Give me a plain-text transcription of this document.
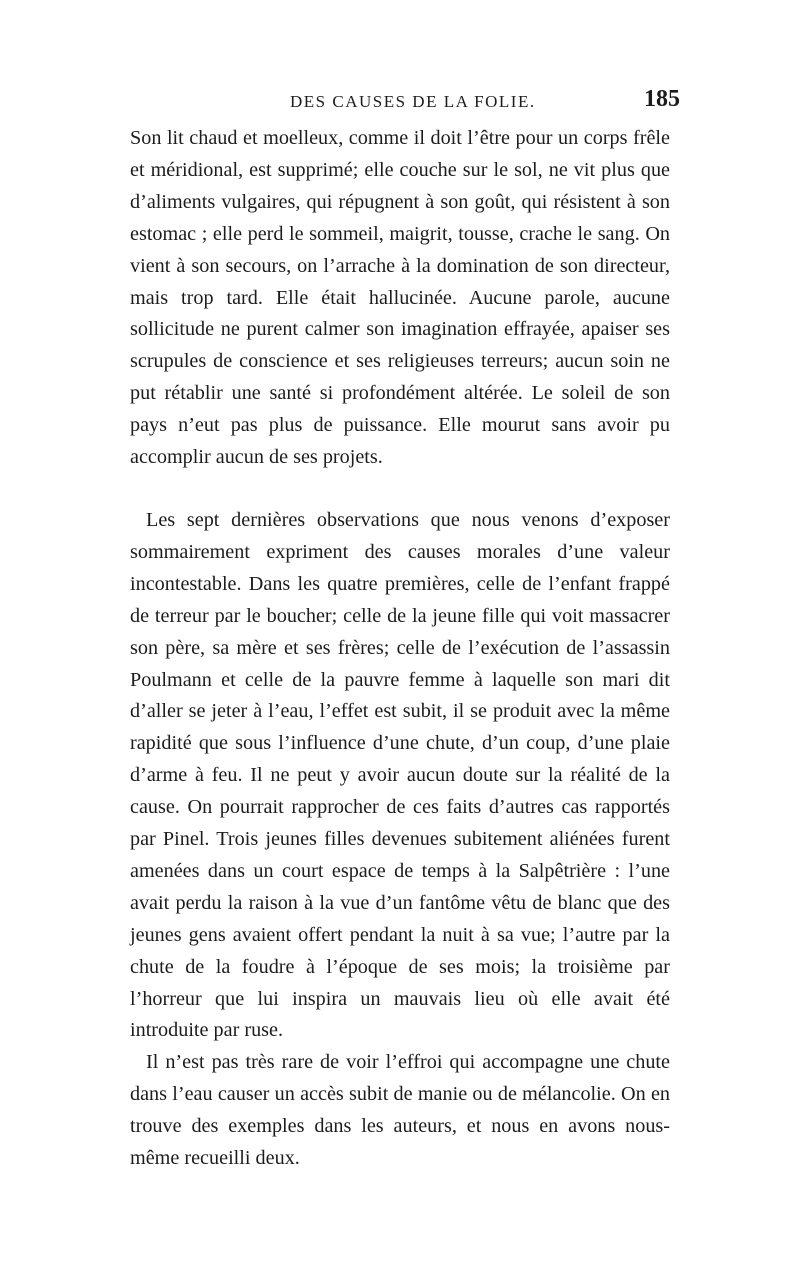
DES CAUSES DE LA FOLIE.	185

Son lit chaud et moelleux, comme il doit l’être pour un corps frêle et méridional, est supprimé; elle couche sur le sol, ne vit plus que d’aliments vulgaires, qui répugnent à son goût, qui résistent à son estomac ; elle perd le sommeil, maigrit, tousse, crache le sang. On vient à son secours, on l’arrache à la domination de son directeur, mais trop tard. Elle était hallucinée. Aucune parole, aucune sollicitude ne purent calmer son imagination effrayée, apaiser ses scrupules de conscience et ses religieuses terreurs; aucun soin ne put rétablir une santé si profondément altérée. Le soleil de son pays n’eut pas plus de puissance. Elle mourut sans avoir pu accomplir aucun de ses projets.

Les sept dernières observations que nous venons d’exposer sommairement expriment des causes morales d’une valeur incontestable. Dans les quatre premières, celle de l’enfant frappé de terreur par le boucher; celle de la jeune fille qui voit massacrer son père, sa mère et ses frères; celle de l’exécution de l’assassin Poulmann et celle de la pauvre femme à laquelle son mari dit d’aller se jeter à l’eau, l’effet est subit, il se produit avec la même rapidité que sous l’influence d’une chute, d’un coup, d’une plaie d’arme à feu. Il ne peut y avoir aucun doute sur la réalité de la cause. On pourrait rapprocher de ces faits d’autres cas rapportés par Pinel. Trois jeunes filles devenues subitement aliénées furent amenées dans un court espace de temps à la Salpêtrière : l’une avait perdu la raison à la vue d’un fantôme vêtu de blanc que des jeunes gens avaient offert pendant la nuit à sa vue; l’autre par la chute de la foudre à l’époque de ses mois; la troisième par l’horreur que lui inspira un mauvais lieu où elle avait été introduite par ruse.

Il n’est pas très rare de voir l’effroi qui accompagne une chute dans l’eau causer un accès subit de manie ou de mélancolie. On en trouve des exemples dans les auteurs, et nous en avons nous-même recueilli deux.
